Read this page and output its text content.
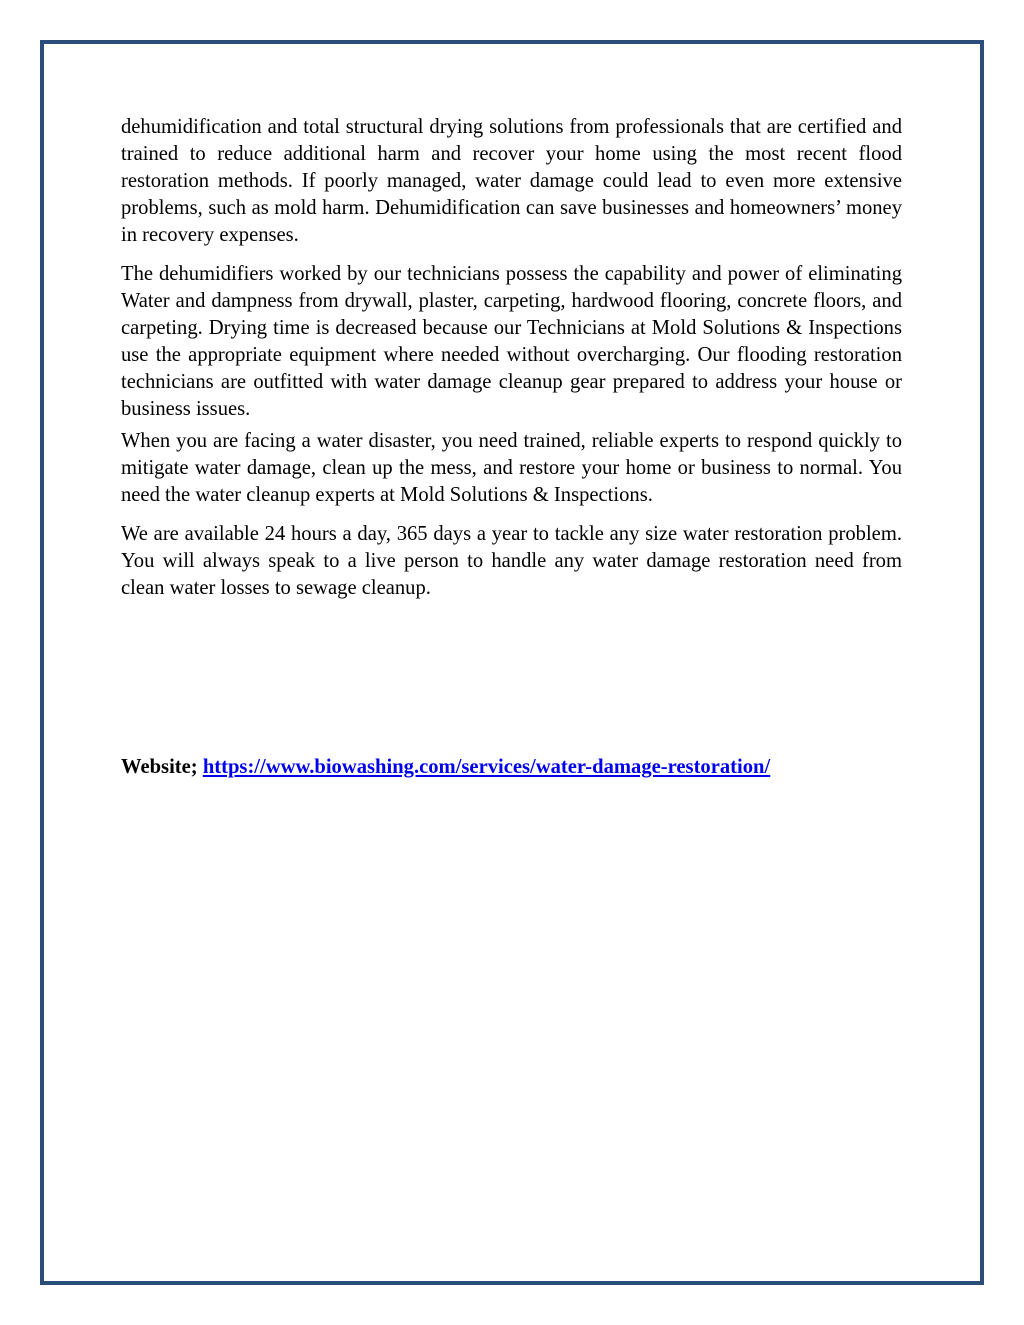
dehumidification and total structural drying solutions from professionals that are certified and trained to reduce additional harm and recover your home using the most recent flood restoration methods. If poorly managed, water damage could lead to even more extensive problems, such as mold harm. Dehumidification can save businesses and homeowners’ money in recovery expenses.

The dehumidifiers worked by our technicians possess the capability and power of eliminating Water and dampness from drywall, plaster, carpeting, hardwood flooring, concrete floors, and carpeting. Drying time is decreased because our Technicians at Mold Solutions & Inspections use the appropriate equipment where needed without overcharging. Our flooding restoration technicians are outfitted with water damage cleanup gear prepared to address your house or business issues.

When you are facing a water disaster, you need trained, reliable experts to respond quickly to mitigate water damage, clean up the mess, and restore your home or business to normal. You need the water cleanup experts at Mold Solutions & Inspections.

We are available 24 hours a day, 365 days a year to tackle any size water restoration problem. You will always speak to a live person to handle any water damage restoration need from clean water losses to sewage cleanup.

Website; https://www.biowashing.com/services/water-damage-restoration/
